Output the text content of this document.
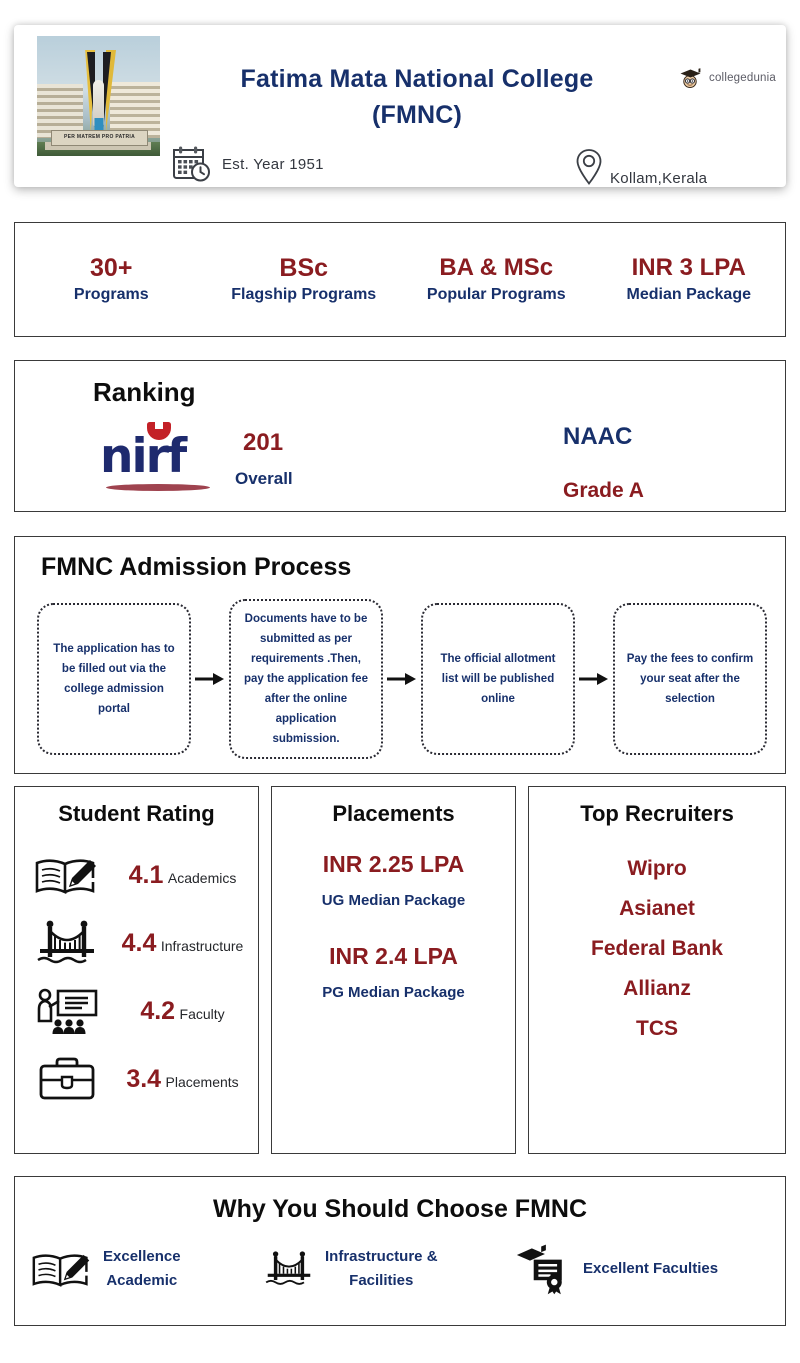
PER MATREM PRO PATRIA
Fatima Mata National College
(FMNC)
collegedunia
Est. Year 1951
Kollam,Kerala
30+
Programs
BSc
Flagship Programs
BA & MSc
Popular Programs
INR 3 LPA
Median Package
Ranking
nirf 201
Overall
NAAC
Grade A
FMNC Admission Process
The application has to be filled out via the college admission portal
Documents have to be submitted as per requirements .Then, pay the application fee after the online application submission.
The official allotment list will be published online
Pay the fees to confirm your seat after the selection
Student Rating
4.1 Academics
4.4 Infrastructure
4.2 Faculty
3.4 Placements
Placements
INR 2.25 LPA
UG Median Package
INR 2.4 LPA
PG Median Package
Top Recruiters
Wipro
Asianet
Federal Bank
Allianz
TCS
Why You Should Choose FMNC
Excellence
Academic
Infrastructure &
Facilities
Excellent Faculties
